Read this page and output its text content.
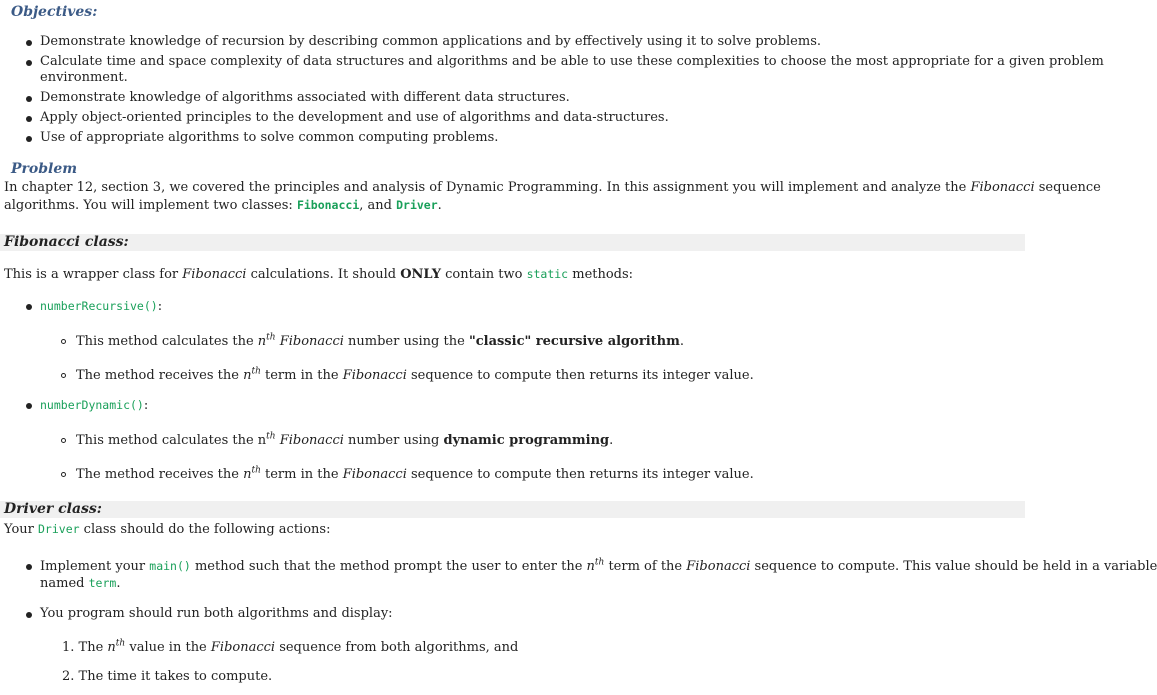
Objectives:
Demonstrate knowledge of recursion by describing common applications and by effectively using it to solve problems.
Calculate time and space complexity of data structures and algorithms and be able to use these complexities to choose the most appropriate for a given problem
environment.
Demonstrate knowledge of algorithms associated with different data structures.
Apply object-oriented principles to the development and use of algorithms and data-structures.
Use of appropriate algorithms to solve common computing problems.
Problem
In chapter 12, section 3, we covered the principles and analysis of Dynamic Programming. In this assignment you will implement and analyze the Fibonacci sequence
algorithms. You will implement two classes: Fibonacci, and Driver.
Fibonacci class:
This is a wrapper class for Fibonacci calculations. It should ONLY contain two static methods:
numberRecursive():
This method calculates the $n^{th}$ Fibonacci number using the "classic" recursive algorithm.
The method receives the $n^{th}$ term in the Fibonacci sequence to compute then returns its integer value.
numberDynamic():
This method calculates the $n^{th}$ Fibonacci number using dynamic programming.
The method receives the $n^{th}$ term in the Fibonacci sequence to compute then returns its integer value.
Driver class:
Your Driver class should do the following actions:
Implement your main() method such that the method prompt the user to enter the $n^{th}$ term of the Fibonacci sequence to compute. This value should be held in a variable
named term.
You program should run both algorithms and display:
1. The $n^{th}$ value in the Fibonacci sequence from both algorithms, and
2. The time it takes to compute.
